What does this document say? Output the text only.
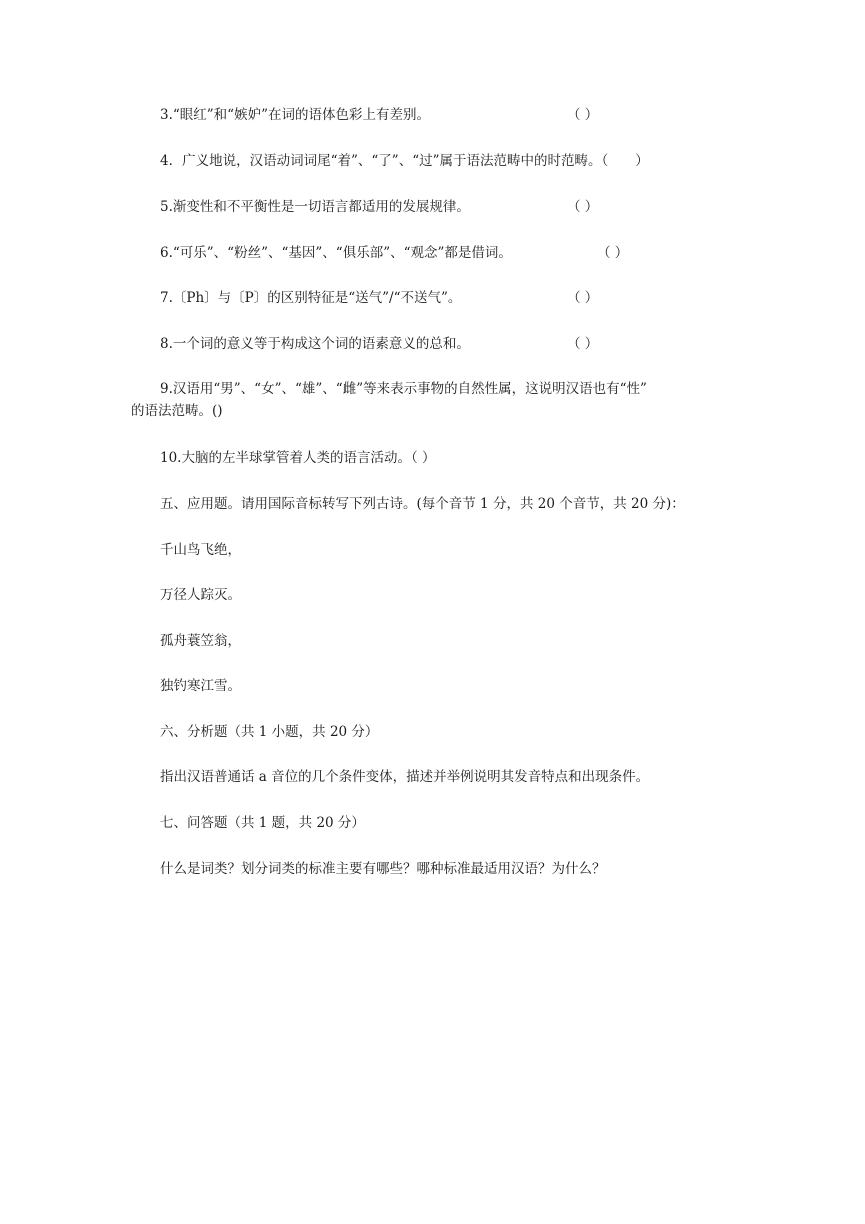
3.“眼红”和“嫉妒”在词的语体色彩上有差别。	（ ）
4．广义地说，汉语动词词尾“着”、“了”、“过”属于语法范畴中的时范畴。（　　）
5.渐变性和不平衡性是一切语言都适用的发展规律。	（ ）
6.“可乐”、“粉丝”、“基因”、“俱乐部”、“观念”都是借词。	（ ）
7.〔Ph〕与〔P〕的区别特征是“送气”/“不送气”。	（ ）
8.一个词的意义等于构成这个词的语素意义的总和。	（ ）
9.汉语用“男”、“女”、“雄”、“雌”等来表示事物的自然性属，这说明汉语也有“性”
的语法范畴。()
10.大脑的左半球掌管着人类的语言活动。（ ）
五、应用题。请用国际音标转写下列古诗。(每个音节 1 分，共 20 个音节，共 20 分)：
千山鸟飞绝，
万径人踪灭。
孤舟蓑笠翁，
独钓寒江雪。
六、分析题（共 1 小题，共 20 分）
指出汉语普通话 a 音位的几个条件变体，描述并举例说明其发音特点和出现条件。
七、问答题（共 1 题，共 20 分）
什么是词类？划分词类的标准主要有哪些？哪种标准最适用汉语？为什么？
